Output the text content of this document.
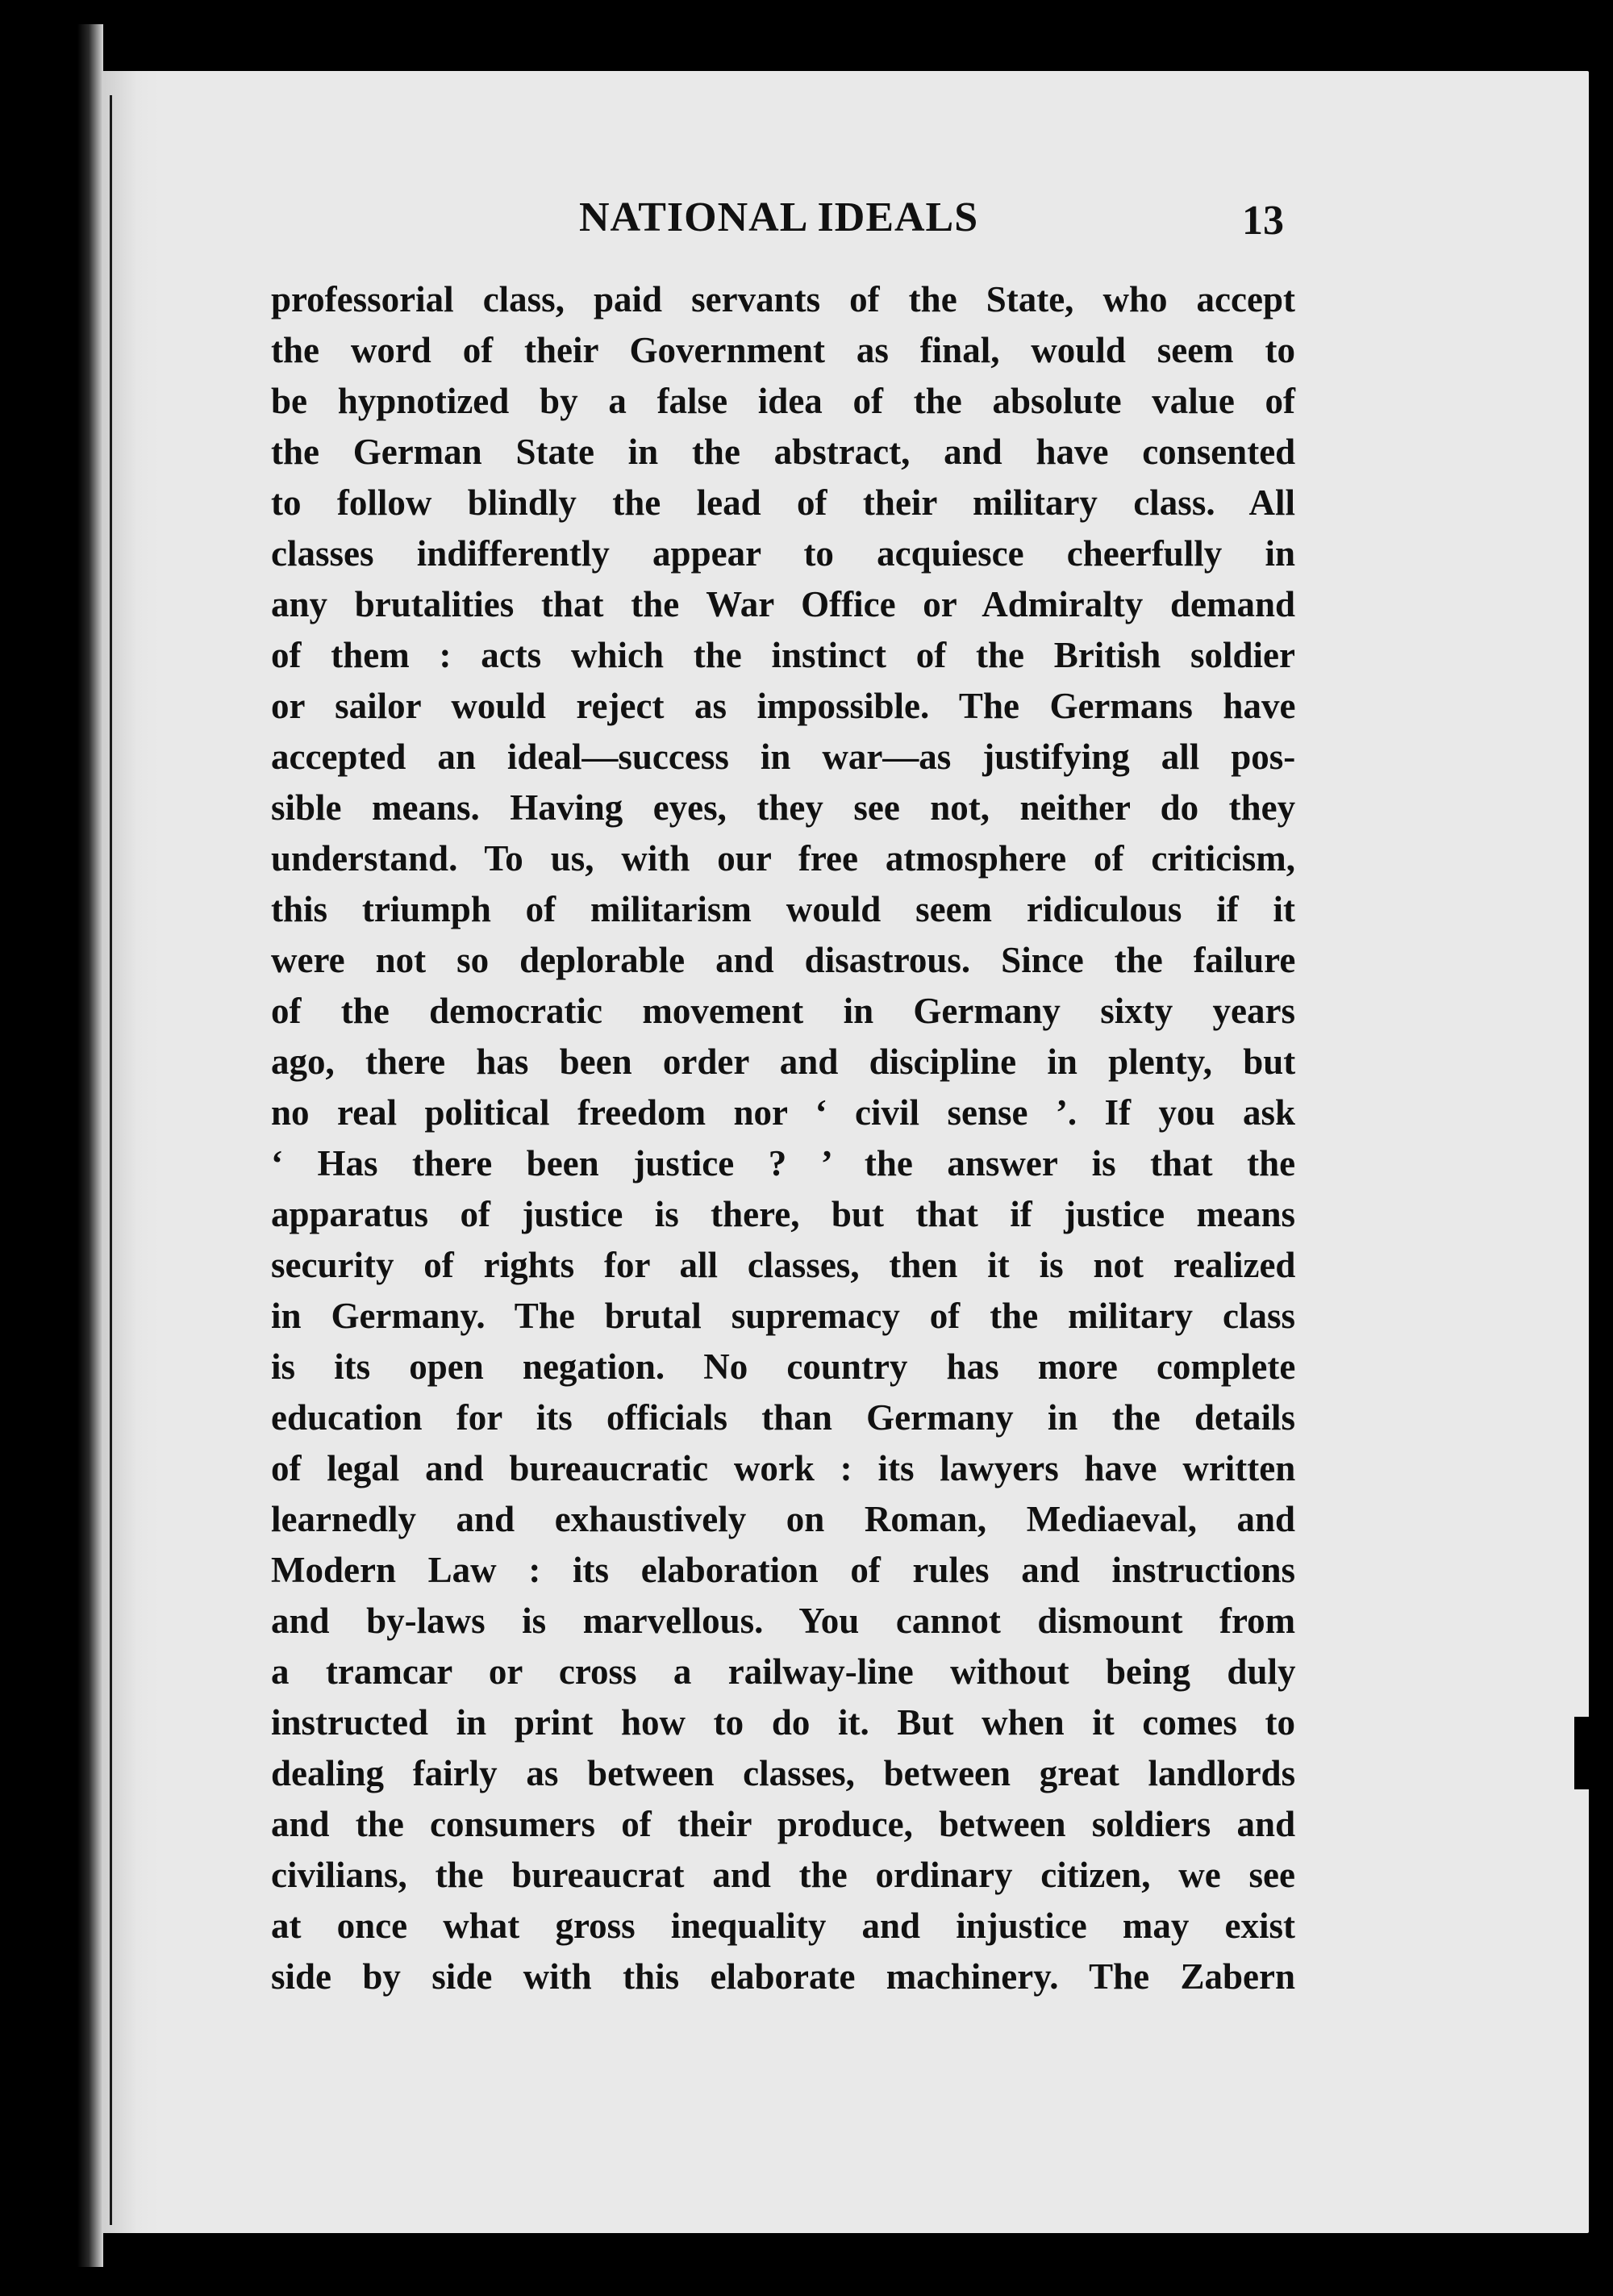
NATIONAL IDEALS	13
professorial class, paid servants of the State, who accept
the word of their Government as final, would seem to
be hypnotized by a false idea of the absolute value of
the German State in the abstract, and have consented
to follow blindly the lead of their military class. All
classes indifferently appear to acquiesce cheerfully in
any brutalities that the War Office or Admiralty demand
of them : acts which the instinct of the British soldier
or sailor would reject as impossible. The Germans have
accepted an ideal—success in war—as justifying all pos-
sible means. Having eyes, they see not, neither do they
understand. To us, with our free atmosphere of criticism,
this triumph of militarism would seem ridiculous if it
were not so deplorable and disastrous. Since the failure
of the democratic movement in Germany sixty years
ago, there has been order and discipline in plenty, but
no real political freedom nor ‘ civil sense ’. If you ask
‘ Has there been justice ? ’ the answer is that the
apparatus of justice is there, but that if justice means
security of rights for all classes, then it is not realized
in Germany. The brutal supremacy of the military class
is its open negation. No country has more complete
education for its officials than Germany in the details
of legal and bureaucratic work : its lawyers have written
learnedly and exhaustively on Roman, Mediaeval, and
Modern Law : its elaboration of rules and instructions
and by-laws is marvellous. You cannot dismount from
a tramcar or cross a railway-line without being duly
instructed in print how to do it. But when it comes to
dealing fairly as between classes, between great landlords
and the consumers of their produce, between soldiers and
civilians, the bureaucrat and the ordinary citizen, we see
at once what gross inequality and injustice may exist
side by side with this elaborate machinery. The Zabern
